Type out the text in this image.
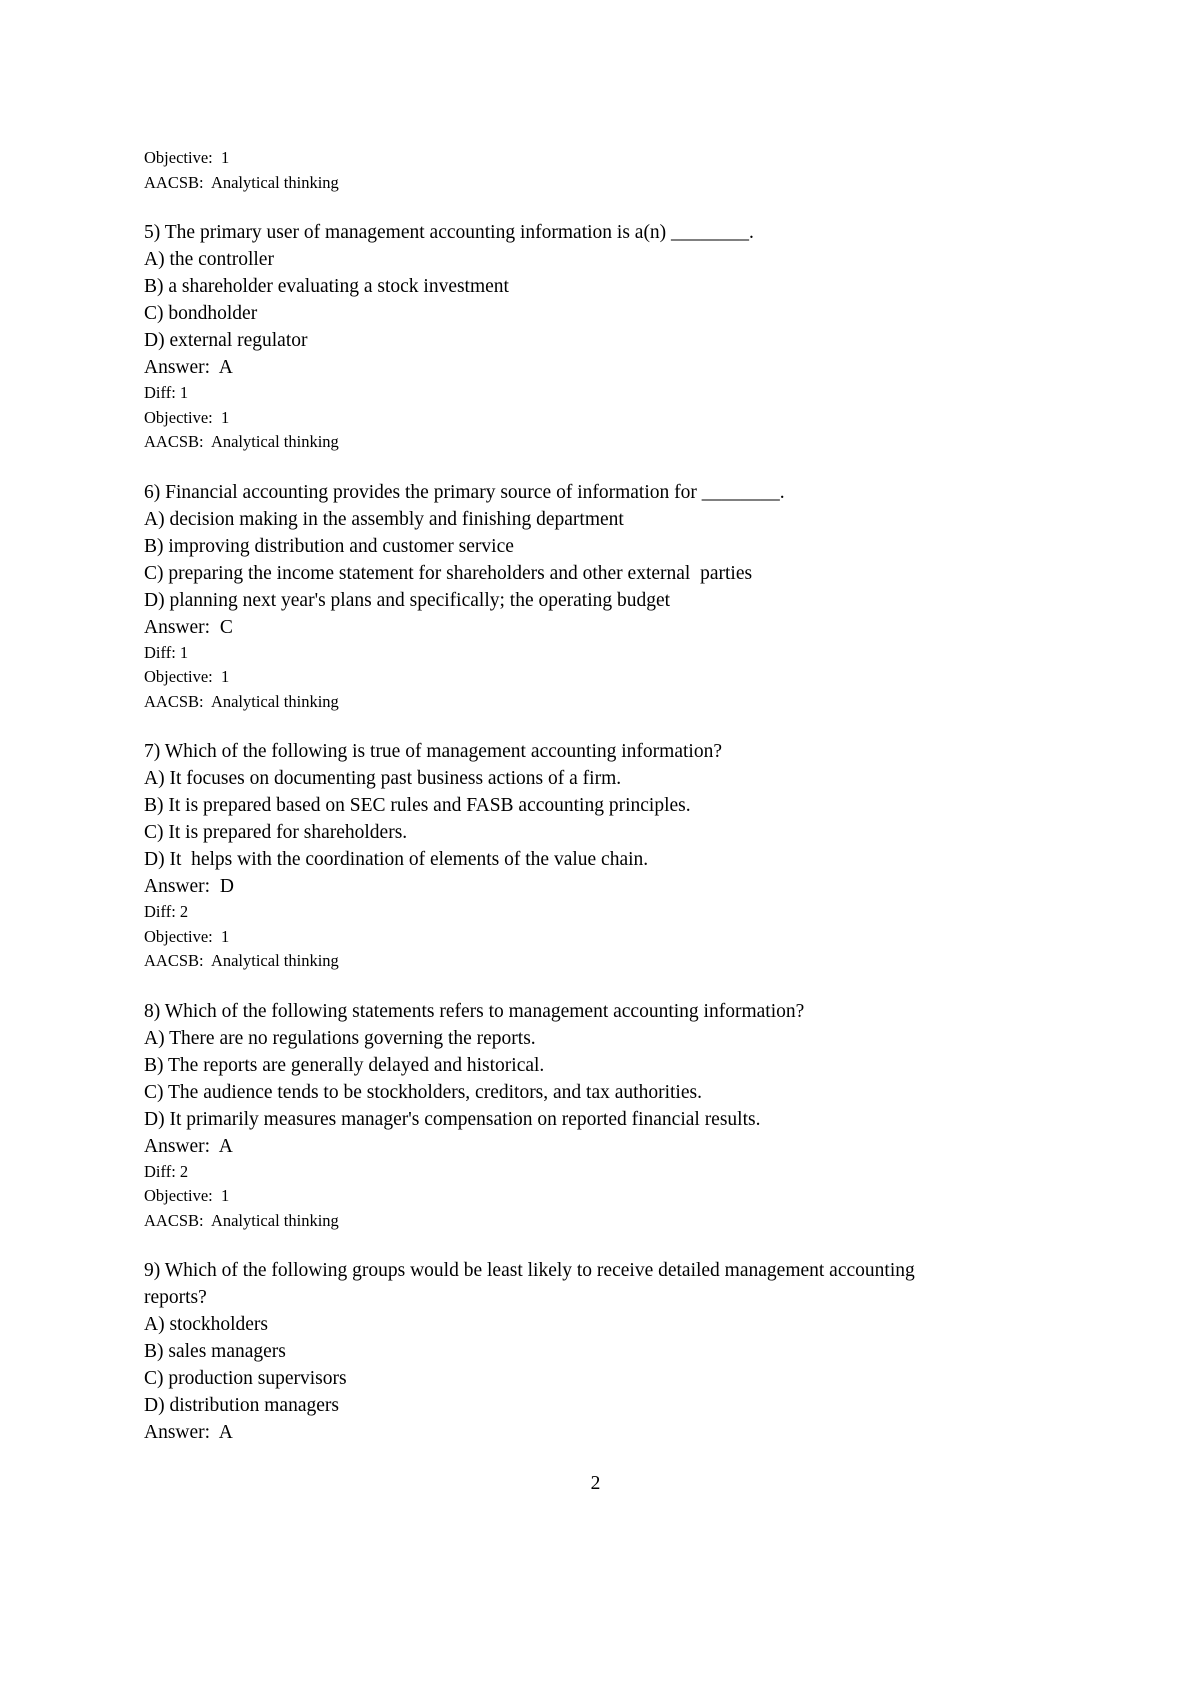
Objective:  1
AACSB:  Analytical thinking
5) The primary user of management accounting information is a(n) ________.
A) the controller
B) a shareholder evaluating a stock investment
C) bondholder
D) external regulator
Answer:  A
Diff: 1
Objective:  1
AACSB:  Analytical thinking
6) Financial accounting provides the primary source of information for ________.
A) decision making in the assembly and finishing department
B) improving distribution and customer service
C) preparing the income statement for shareholders and other external  parties
D) planning next year's plans and specifically; the operating budget
Answer:  C
Diff: 1
Objective:  1
AACSB:  Analytical thinking
7) Which of the following is true of management accounting information?
A) It focuses on documenting past business actions of a firm.
B) It is prepared based on SEC rules and FASB accounting principles.
C) It is prepared for shareholders.
D) It  helps with the coordination of elements of the value chain.
Answer:  D
Diff: 2
Objective:  1
AACSB:  Analytical thinking
8) Which of the following statements refers to management accounting information?
A) There are no regulations governing the reports.
B) The reports are generally delayed and historical.
C) The audience tends to be stockholders, creditors, and tax authorities.
D) It primarily measures manager's compensation on reported financial results.
Answer:  A
Diff: 2
Objective:  1
AACSB:  Analytical thinking
9) Which of the following groups would be least likely to receive detailed management accounting
reports?
A) stockholders
B) sales managers
C) production supervisors
D) distribution managers
Answer:  A
2
